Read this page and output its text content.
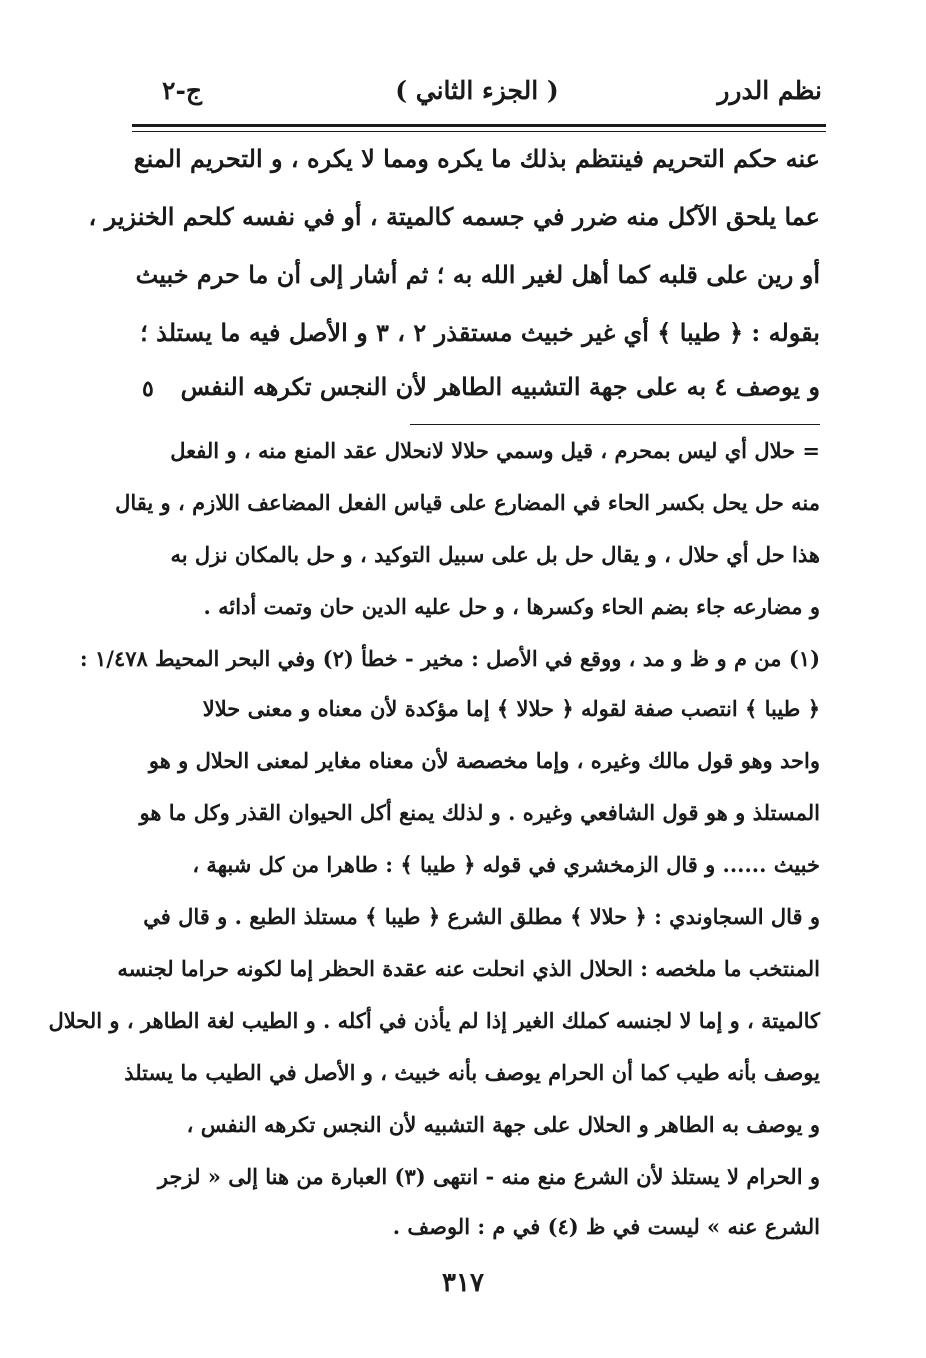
نظم الدرر
( الجزء الثاني )
ج-٢
عنه حكم التحريم فينتظم بذلك ما يكره ومما لا يكره ، و التحريم المنع
عما يلحق الآكل منه ضرر في جسمه كالميتة ، أو في نفسه كلحم الخنزير ،
أو رين على قلبه كما أهل لغير الله به ؛ ثم أشار إلى أن ما حرم خبيث
بقوله : ﴿ طيبا ﴾ أي غير خبيث مستقذر ٢ ، ٣ و الأصل فيه ما يستلذ ؛
و يوصف ٤ به على جهة التشبيه الطاهر لأن النجس تكرهه النفس
٥
= حلال أي ليس بمحرم ، قيل وسمي حلالا لانحلال عقد المنع منه ، و الفعل
منه حل يحل بكسر الحاء في المضارع على قياس الفعل المضاعف اللازم ، و يقال
هذا حل أي حلال ، و يقال حل بل على سبيل التوكيد ، و حل بالمكان نزل به
و مضارعه جاء بضم الحاء وكسرها ، و حل عليه الدين حان وتمت أدائه .
(١) من م و ظ و مد ، ووقع في الأصل : مخير - خطأ (٢) وفي البحر المحيط ١/٤٧٨ :
﴿ طيبا ﴾ انتصب صفة لقوله ﴿ حلالا ﴾ إما مؤكدة لأن معناه و معنى حلالا
واحد وهو قول مالك وغيره ، وإما مخصصة لأن معناه مغاير لمعنى الحلال و هو
المستلذ و هو قول الشافعي وغيره . و لذلك يمنع أكل الحيوان القذر وكل ما هو
خبيث ...... و قال الزمخشري في قوله ﴿ طيبا ﴾ : طاهرا من كل شبهة ،
و قال السجاوندي : ﴿ حلالا ﴾ مطلق الشرع ﴿ طيبا ﴾ مستلذ الطبع . و قال في
المنتخب ما ملخصه : الحلال الذي انحلت عنه عقدة الحظر إما لكونه حراما لجنسه
كالميتة ، و إما لا لجنسه كملك الغير إذا لم يأذن في أكله . و الطيب لغة الطاهر ، و الحلال
يوصف بأنه طيب كما أن الحرام يوصف بأنه خبيث ، و الأصل في الطيب ما يستلذ
و يوصف به الطاهر و الحلال على جهة التشبيه لأن النجس تكرهه النفس ،
و الحرام لا يستلذ لأن الشرع منع منه - انتهى (٣) العبارة من هنا إلى « لزجر
الشرع عنه » ليست في ظ (٤) في م : الوصف .
٣١٧
